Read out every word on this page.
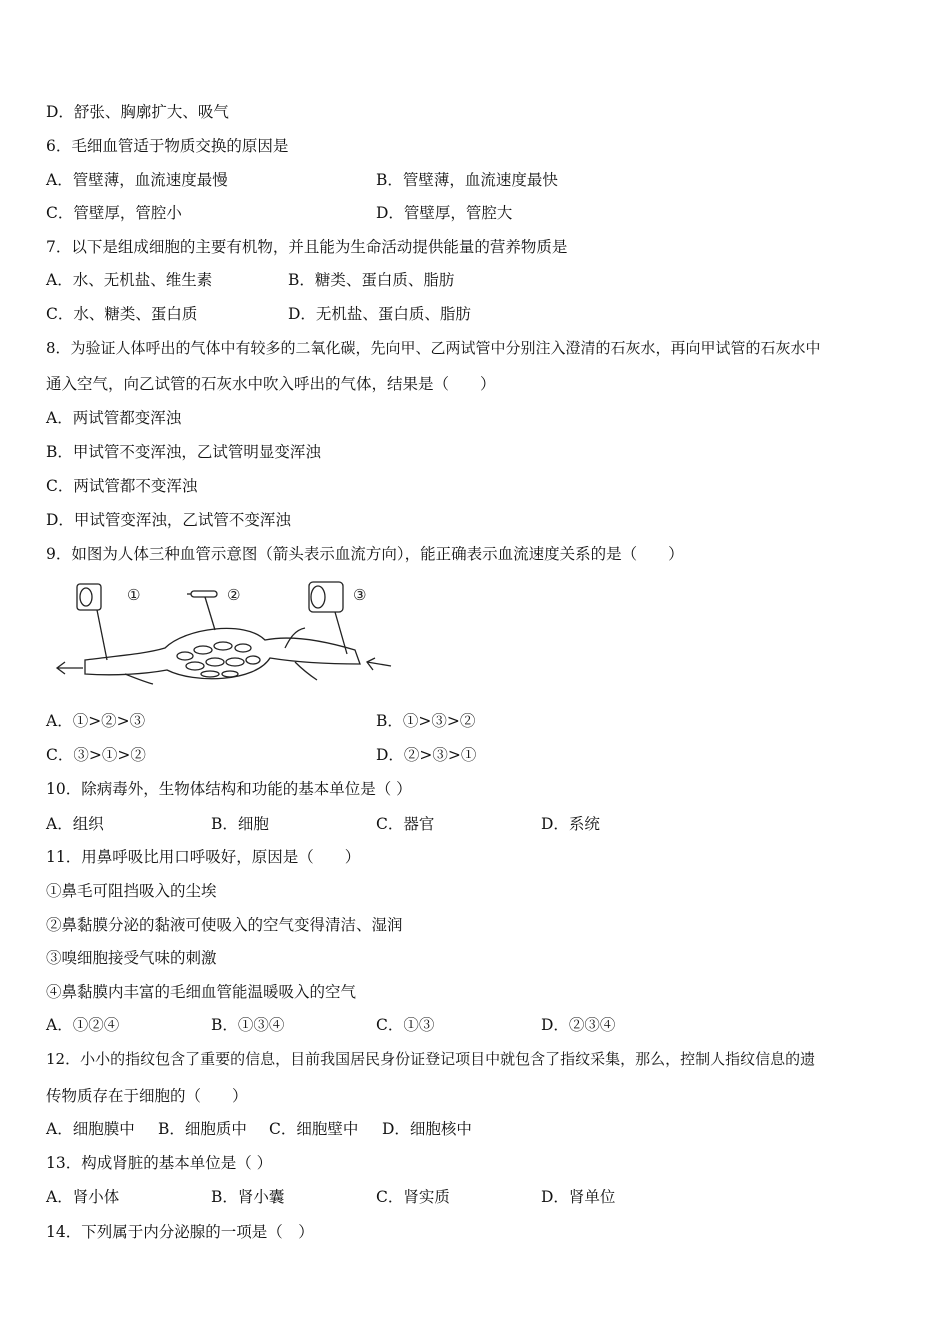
D．舒张、胸廓扩大、吸气
6．毛细血管适于物质交换的原因是
A．管壁薄，血流速度最慢	B．管壁薄，血流速度最快
C．管壁厚，管腔小	D．管壁厚，管腔大
7．以下是组成细胞的主要有机物，并且能为生命活动提供能量的营养物质是
A．水、无机盐、维生素	B．糖类、蛋白质、脂肪
C．水、糖类、蛋白质	D．无机盐、蛋白质、脂肪
8．为验证人体呼出的气体中有较多的二氧化碳，先向甲、乙两试管中分别注入澄清的石灰水，再向甲试管的石灰水中
通入空气，向乙试管的石灰水中吹入呼出的气体，结果是（　　）
A．两试管都变浑浊
B．甲试管不变浑浊，乙试管明显变浑浊
C．两试管都不变浑浊
D．甲试管变浑浊，乙试管不变浑浊
9．如图为人体三种血管示意图（箭头表示血流方向），能正确表示血流速度关系的是（　　）
①	②	③
A．①>②>③	B．①>③>②
C．③>①>②	D．②>③>①
10．除病毒外，生物体结构和功能的基本单位是（ ）
A．组织	B．细胞	C．器官	D．系统
11．用鼻呼吸比用口呼吸好，原因是（　　）
①鼻毛可阻挡吸入的尘埃
②鼻黏膜分泌的黏液可使吸入的空气变得清洁、湿润
③嗅细胞接受气味的刺激
④鼻黏膜内丰富的毛细血管能温暖吸入的空气
A．①②④	B．①③④	C．①③	D．②③④
12．小小的指纹包含了重要的信息，目前我国居民身份证登记项目中就包含了指纹采集，那么，控制人指纹信息的遗
传物质存在于细胞的（　　）
A．细胞膜中 B．细胞质中 C．细胞壁中 D．细胞核中
13．构成肾脏的基本单位是（ ）
A．肾小体	B．肾小囊	C．肾实质	D．肾单位
14．下列属于内分泌腺的一项是（　）
